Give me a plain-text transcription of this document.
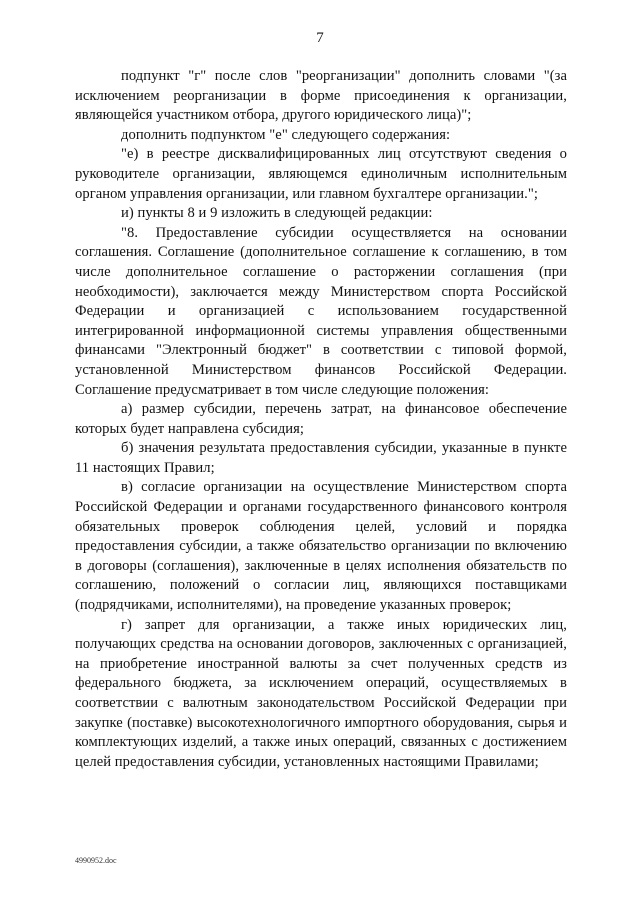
7

подпункт "г" после слов "реорганизации" дополнить словами "(за исключением реорганизации в форме присоединения к организации, являющейся участником отбора, другого юридического лица)";

дополнить подпунктом "е" следующего содержания:

"е) в реестре дисквалифицированных лиц отсутствуют сведения о руководителе организации, являющемся единоличным исполнительным органом управления организации, или главном бухгалтере организации.";

и) пункты 8 и 9 изложить в следующей редакции:

"8. Предоставление субсидии осуществляется на основании соглашения. Соглашение (дополнительное соглашение к соглашению, в том числе дополнительное соглашение о расторжении соглашения (при необходимости), заключается между Министерством спорта Российской Федерации и организацией с использованием государственной интегрированной информационной системы управления общественными финансами "Электронный бюджет" в соответствии с типовой формой, установленной Министерством финансов Российской Федерации. Соглашение предусматривает в том числе следующие положения:

а) размер субсидии, перечень затрат, на финансовое обеспечение которых будет направлена субсидия;

б) значения результата предоставления субсидии, указанные в пункте 11 настоящих Правил;

в) согласие организации на осуществление Министерством спорта Российской Федерации и органами государственного финансового контроля обязательных проверок соблюдения целей, условий и порядка предоставления субсидии, а также обязательство организации по включению в договоры (соглашения), заключенные в целях исполнения обязательств по соглашению, положений о согласии лиц, являющихся поставщиками (подрядчиками, исполнителями), на проведение указанных проверок;

г) запрет для организации, а также иных юридических лиц, получающих средства на основании договоров, заключенных с организацией, на приобретение иностранной валюты за счет полученных средств из федерального бюджета, за исключением операций, осуществляемых в соответствии с валютным законодательством Российской Федерации при закупке (поставке) высокотехнологичного импортного оборудования, сырья и комплектующих изделий, а также иных операций, связанных с достижением целей предоставления субсидии, установленных настоящими Правилами;

4990952.doc
